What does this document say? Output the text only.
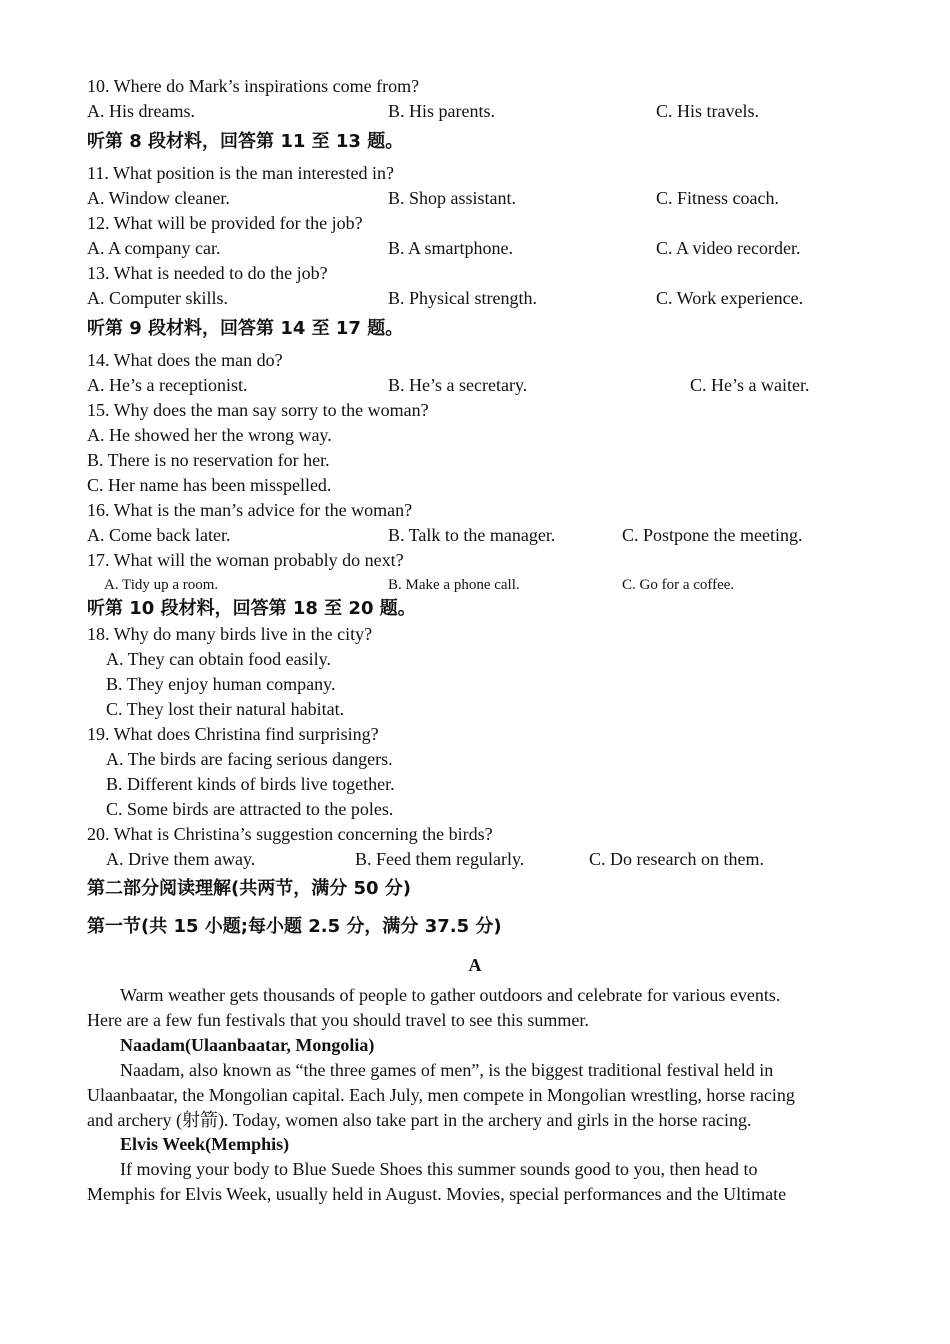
10. Where do Mark’s inspirations come from?
A. His dreams.	B. His parents.	C. His travels.
听第 8 段材料，回答第 11 至 13 题。
11. What position is the man interested in?
A. Window cleaner.	B. Shop assistant.	C. Fitness coach.
12. What will be provided for the job?
A. A company car.	B. A smartphone.	C. A video recorder.
13. What is needed to do the job?
A. Computer skills.	B. Physical strength.	C. Work experience.
听第 9 段材料，回答第 14 至 17 题。
14. What does the man do?
A. He’s a receptionist.	B. He’s a secretary.	C. He’s a waiter.
15. Why does the man say sorry to the woman?
A. He showed her the wrong way.
B. There is no reservation for her.
C. Her name has been misspelled.
16. What is the man’s advice for the woman?
A. Come back later.	B. Talk to the manager.	C. Postpone the meeting.
17. What will the woman probably do next?
A. Tidy up a room.	B. Make a phone call.	C. Go for a coffee.
听第 10 段材料，回答第 18 至 20 题。
18. Why do many birds live in the city?
A. They can obtain food easily.
B. They enjoy human company.
C. They lost their natural habitat.
19. What does Christina find surprising?
A. The birds are facing serious dangers.
B. Different kinds of birds live together.
C. Some birds are attracted to the poles.
20. What is Christina’s suggestion concerning the birds?
A. Drive them away.	B. Feed them regularly.	C. Do research on them.
第二部分阅读理解(共两节，满分 50 分)
第一节(共 15 小题;每小题 2.5 分，满分 37.5 分)
A
Warm weather gets thousands of people to gather outdoors and celebrate for various events.
Here are a few fun festivals that you should travel to see this summer.
Naadam(Ulaanbaatar, Mongolia)
Naadam, also known as “the three games of men”, is the biggest traditional festival held in
Ulaanbaatar, the Mongolian capital. Each July, men compete in Mongolian wrestling, horse racing
and archery (射箭). Today, women also take part in the archery and girls in the horse racing.
Elvis Week(Memphis)
If moving your body to Blue Suede Shoes this summer sounds good to you, then head to
Memphis for Elvis Week, usually held in August. Movies, special performances and the Ultimate
